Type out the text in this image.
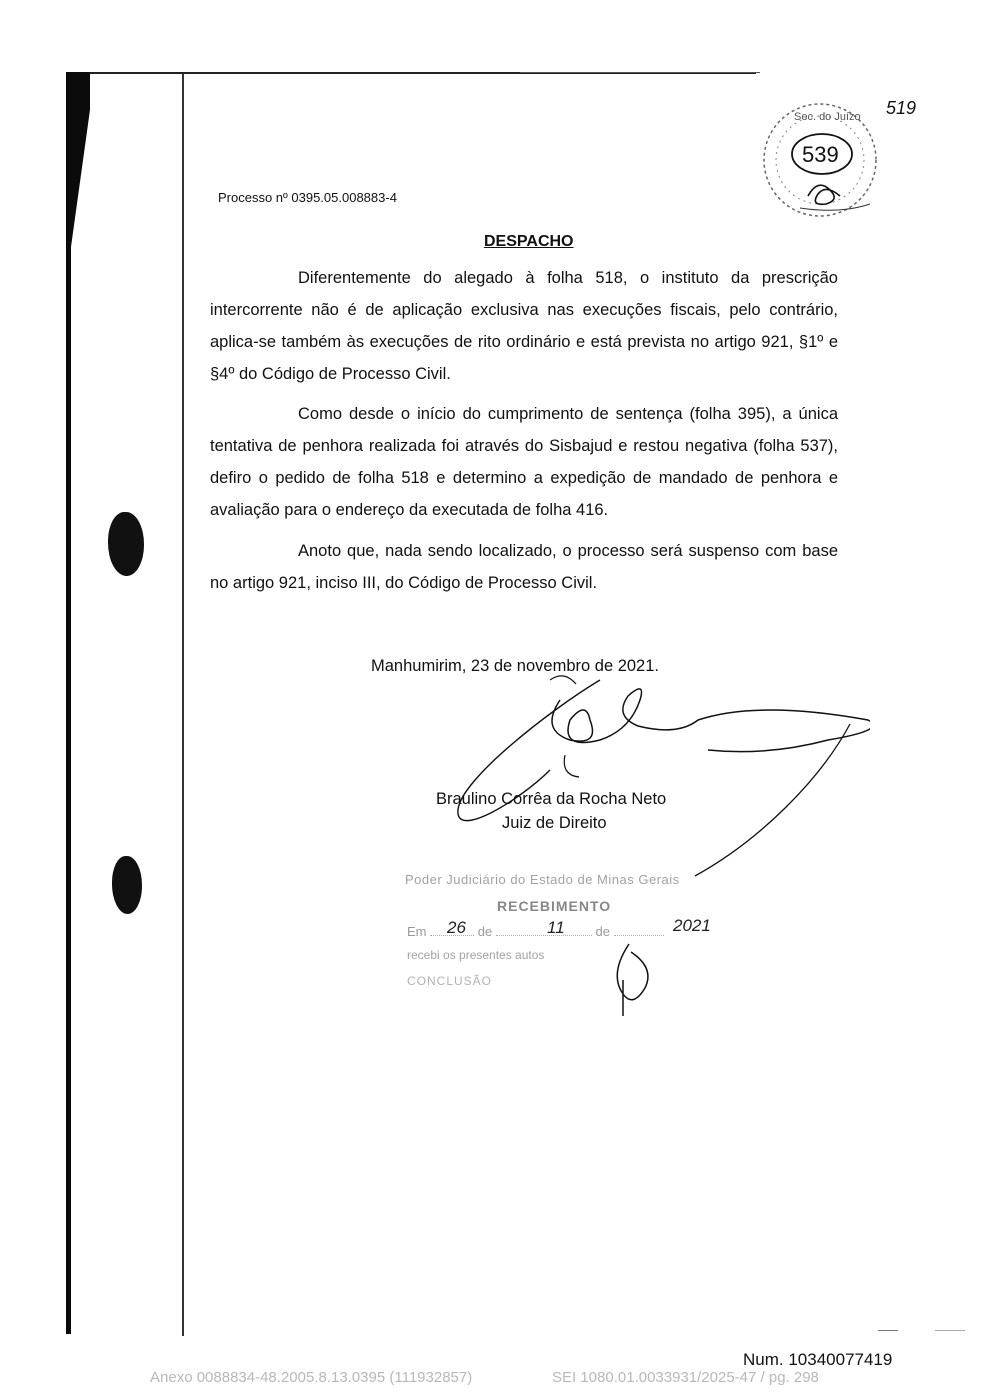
Sec. do Juízo
539
519
Processo nº 0395.05.008883-4
DESPACHO

Diferentemente do alegado à folha 518, o instituto da prescrição intercorrente não é de aplicação exclusiva nas execuções fiscais, pelo contrário, aplica-se também às execuções de rito ordinário e está prevista no artigo 921, §1º e §4º do Código de Processo Civil.

Como desde o início do cumprimento de sentença (folha 395), a única tentativa de penhora realizada foi através do Sisbajud e restou negativa (folha 537), defiro o pedido de folha 518 e determino a expedição de mandado de penhora e avaliação para o endereço da executada de folha 416.

Anoto que, nada sendo localizado, o processo será suspenso com base no artigo 921, inciso III, do Código de Processo Civil.

Manhumirim, 23 de novembro de 2021.
Braulino Corrêa da Rocha Neto
Juiz de Direito
Poder Judiciário do Estado de Minas Gerais
RECEBIMENTO
Em	de	de
26	11	2021
recebi os presentes autos
CONCLUSÃO
Num. 10340077419
Anexo 0088834-48.2005.8.13.0395 (111932857)	SEI 1080.01.0033931/2025-47 / pg. 298
